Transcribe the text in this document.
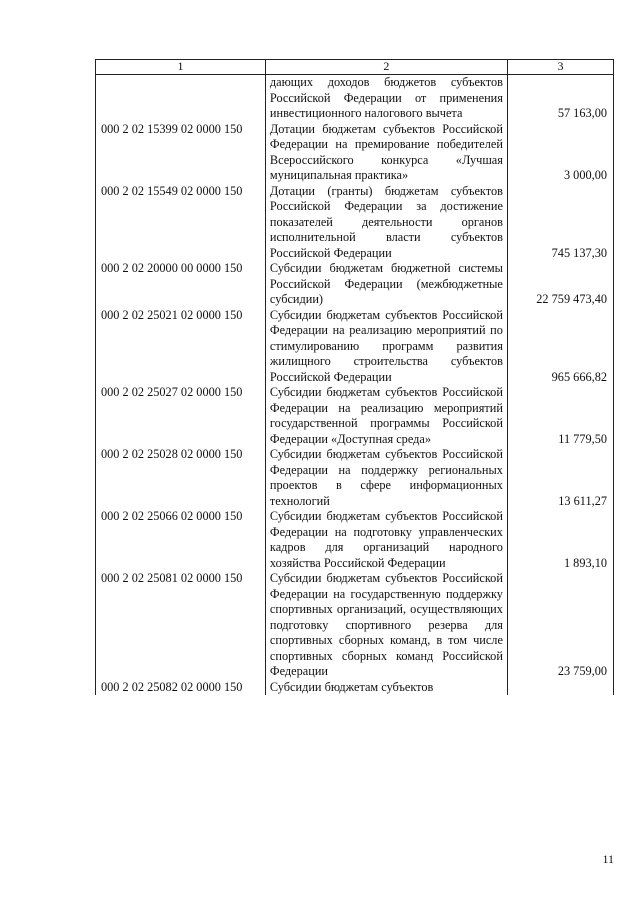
1	2	3
	дающих доходов бюджетов субъектов Российской Федерации от применения инвестиционного налогового вычета	57 163,00
000 2 02 15399 02 0000 150	Дотации бюджетам субъектов Российской Федерации на премирование победителей Всероссийского конкурса «Лучшая муниципальная практика»	3 000,00
000 2 02 15549 02 0000 150	Дотации (гранты) бюджетам субъектов Российской Федерации за достижение показателей деятельности органов исполнительной власти субъектов Российской Федерации	745 137,30
000 2 02 20000 00 0000 150	Субсидии бюджетам бюджетной системы Российской Федерации (межбюджетные субсидии)	22 759 473,40
000 2 02 25021 02 0000 150	Субсидии бюджетам субъектов Российской Федерации на реализацию мероприятий по стимулированию программ развития жилищного строительства субъектов Российской Федерации	965 666,82
000 2 02 25027 02 0000 150	Субсидии бюджетам субъектов Российской Федерации на реализацию мероприятий государственной программы Российской Федерации «Доступная среда»	11 779,50
000 2 02 25028 02 0000 150	Субсидии бюджетам субъектов Российской Федерации на поддержку региональных проектов в сфере информационных технологий	13 611,27
000 2 02 25066 02 0000 150	Субсидии бюджетам субъектов Российской Федерации на подготовку управленческих кадров для организаций народного хозяйства Российской Федерации	1 893,10
000 2 02 25081 02 0000 150	Субсидии бюджетам субъектов Российской Федерации на государственную поддержку спортивных организаций, осуществляющих подготовку спортивного резерва для спортивных сборных команд, в том числе спортивных сборных команд Российской Федерации	23 759,00
000 2 02 25082 02 0000 150	Субсидии бюджетам субъектов	
11
